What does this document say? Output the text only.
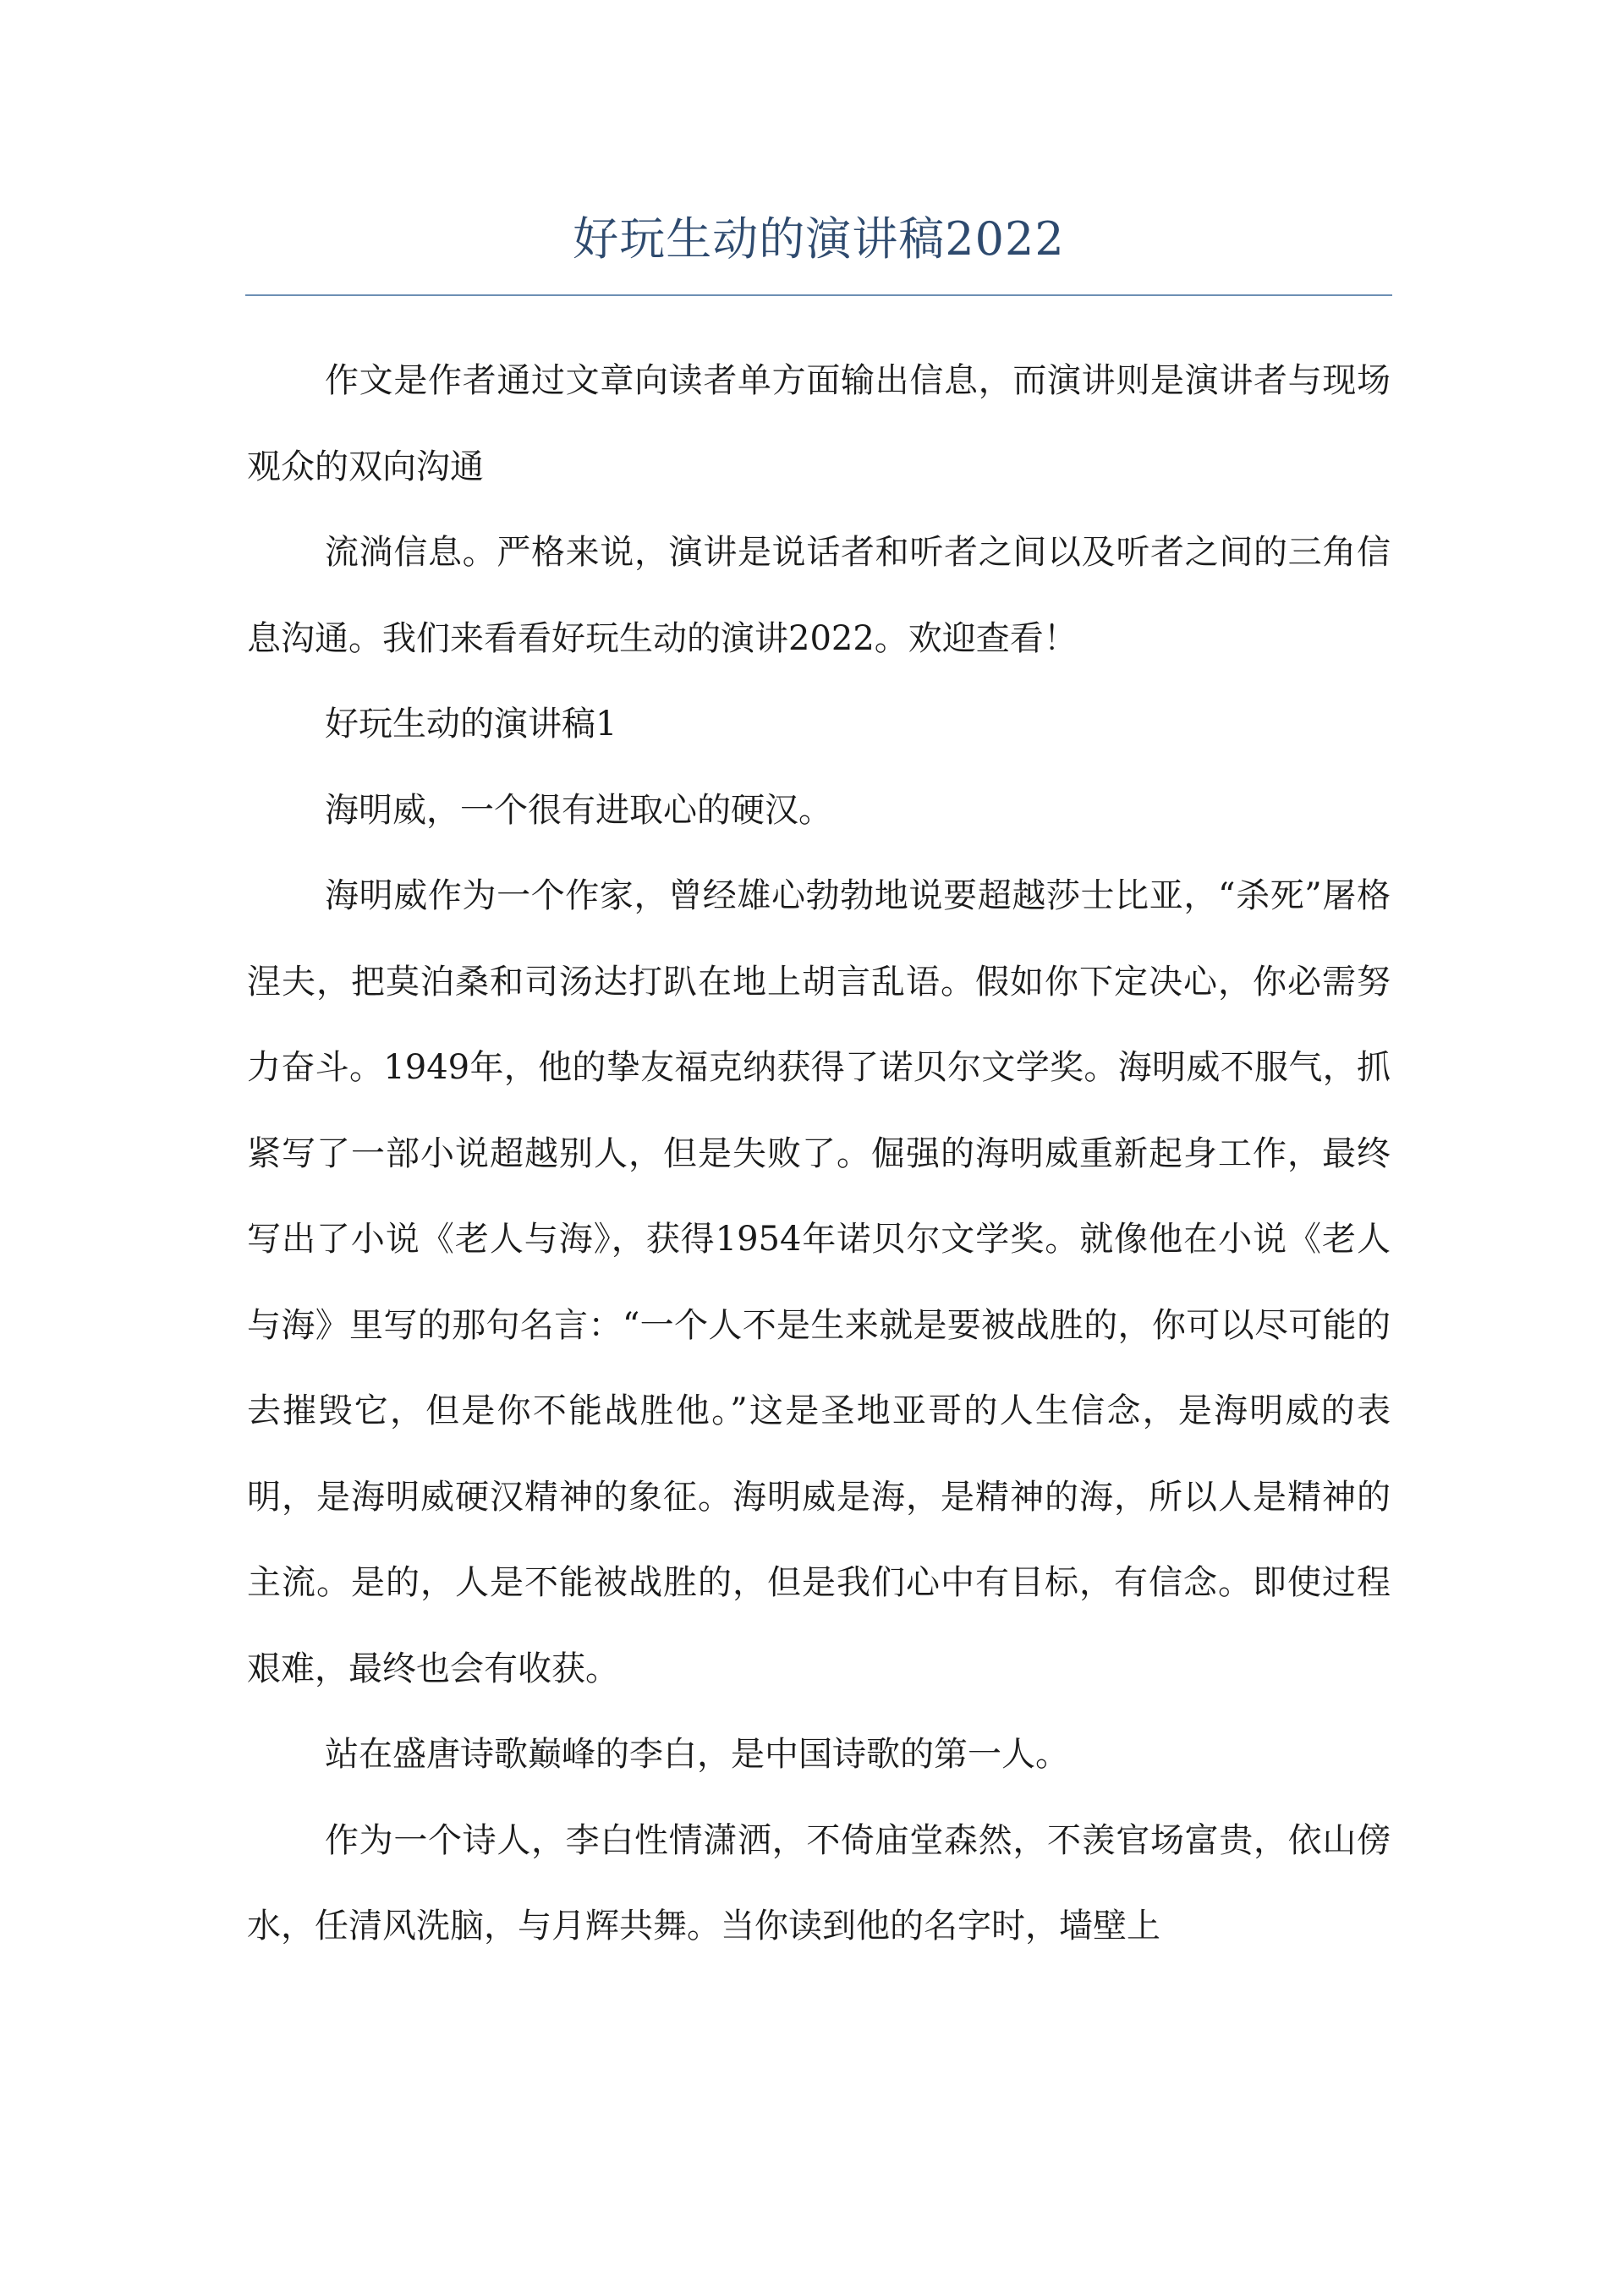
好玩生动的演讲稿2022

作文是作者通过文章向读者单方面输出信息，而演讲则是演讲者与现场观众的双向沟通

流淌信息。严格来说，演讲是说话者和听者之间以及听者之间的三角信息沟通。我们来看看好玩生动的演讲2022。欢迎查看！

好玩生动的演讲稿1

海明威，一个很有进取心的硬汉。

海明威作为一个作家，曾经雄心勃勃地说要超越莎士比亚，“杀死”屠格涅夫，把莫泊桑和司汤达打趴在地上胡言乱语。假如你下定决心，你必需努力奋斗。1949年，他的挚友福克纳获得了诺贝尔文学奖。海明威不服气，抓紧写了一部小说超越别人，但是失败了。倔强的海明威重新起身工作，最终写出了小说《老人与海》，获得1954年诺贝尔文学奖。就像他在小说《老人与海》里写的那句名言：“一个人不是生来就是要被战胜的，你可以尽可能的去摧毁它，但是你不能战胜他。”这是圣地亚哥的人生信念，是海明威的表明，是海明威硬汉精神的象征。海明威是海，是精神的海，所以人是精神的主流。是的，人是不能被战胜的，但是我们心中有目标，有信念。即使过程艰难，最终也会有收获。

站在盛唐诗歌巅峰的李白，是中国诗歌的第一人。

作为一个诗人，李白性情潇洒，不倚庙堂森然，不羡官场富贵，依山傍水，任清风洗脑，与月辉共舞。当你读到他的名字时，墙壁上
